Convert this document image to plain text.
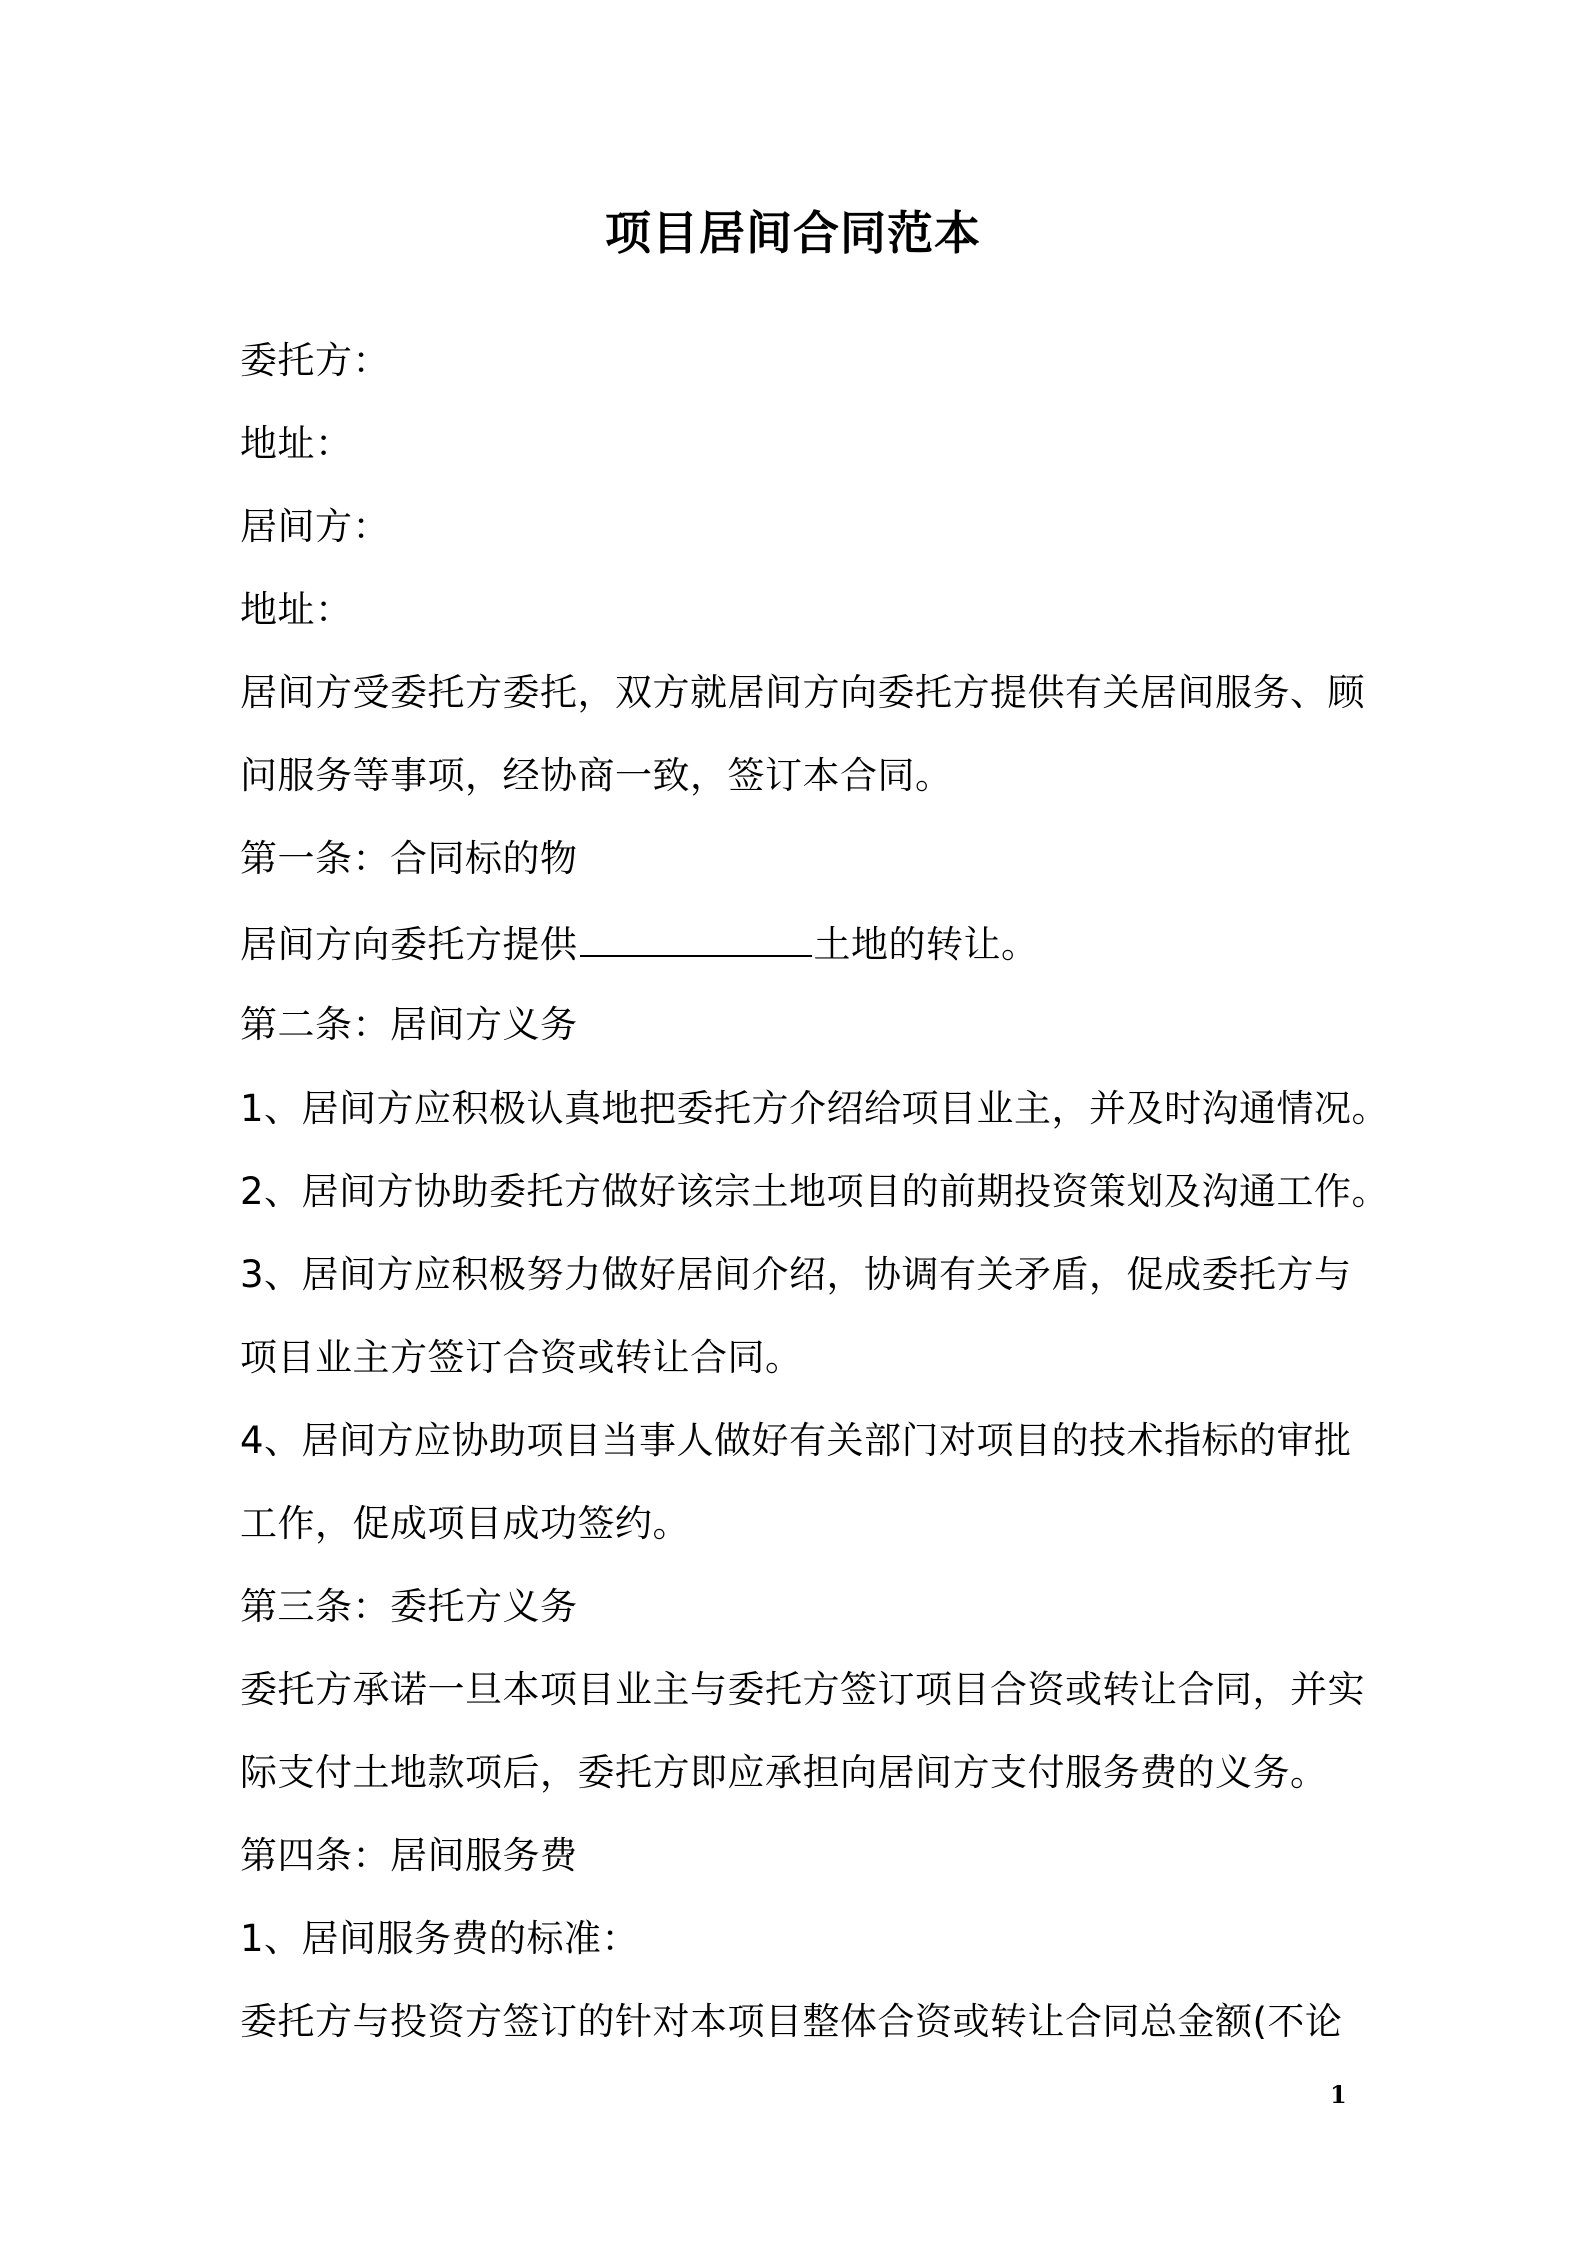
项目居间合同范本
委托方：
地址：
居间方：
地址：
居间方受委托方委托，双方就居间方向委托方提供有关居间服务、顾
问服务等事项，经协商一致，签订本合同。
第一条：合同标的物
居间方向委托方提供	土地的转让。
第二条：居间方义务
1、居间方应积极认真地把委托方介绍给项目业主，并及时沟通情况。
2、居间方协助委托方做好该宗土地项目的前期投资策划及沟通工作。
3、居间方应积极努力做好居间介绍，协调有关矛盾，促成委托方与
项目业主方签订合资或转让合同。
4、居间方应协助项目当事人做好有关部门对项目的技术指标的审批
工作，促成项目成功签约。
第三条：委托方义务
委托方承诺一旦本项目业主与委托方签订项目合资或转让合同，并实
际支付土地款项后，委托方即应承担向居间方支付服务费的义务。
第四条：居间服务费
1、居间服务费的标准：
委托方与投资方签订的针对本项目整体合资或转让合同总金额(不论
1
